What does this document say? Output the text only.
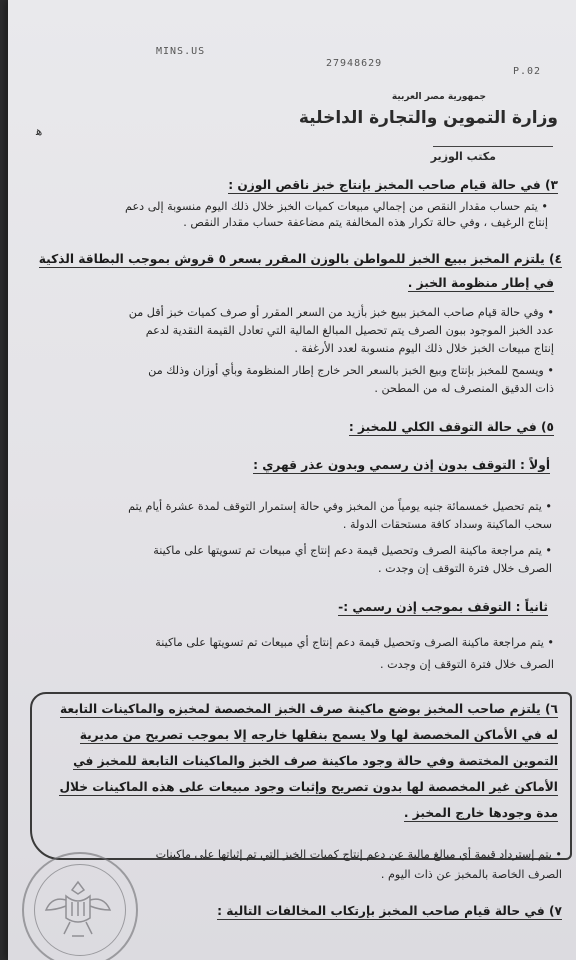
MINS.US
27948629
P.02
جمهورية مصر العربية
وزارة التموين والتجارة الداخلية
مكتب الوزير
ﻫ
٣) في حالة قيام صاحب المخبز بإنتاج خبز ناقص الوزن :
• يتم حساب مقدار النقص من إجمالي مبيعات كميات الخبز خلال ذلك اليوم منسوبة إلى دعم
إنتاج الرغيف ، وفي حالة تكرار هذه المخالفة يتم مضاعفة حساب مقدار النقص .
٤) يلتزم المخبز ببيع الخبز للمواطن بالوزن المقرر بسعر ٥ قروش بموجب البطاقة الذكية
في إطار منظومة الخبز .
• وفي حالة قيام صاحب المخبز ببيع خبز بأزيد من السعر المقرر أو صرف كميات خبز أقل من
عدد الخبز الموجود ببون الصرف يتم تحصيل المبالغ المالية التي تعادل القيمة النقدية لدعم
إنتاج مبيعات الخبز خلال ذلك اليوم منسوبة لعدد الأرغفة .
• ويسمح للمخبز بإنتاج وبيع الخبز بالسعر الحر خارج إطار المنظومة وبأي أوزان وذلك من
ذات الدقيق المنصرف له من المطحن .
٥) في حالة التوقف الكلي للمخبز :
أولاً : التوقف بدون إذن رسمي وبدون عذر قهري :
• يتم تحصيل خمسمائة جنيه يومياً من المخبز وفي حالة إستمرار التوقف لمدة عشرة أيام يتم
سحب الماكينة وسداد كافة مستحقات الدولة .
• يتم مراجعة ماكينة الصرف وتحصيل قيمة دعم إنتاج أي مبيعات تم تسويتها على ماكينة
الصرف خلال فترة التوقف إن وجدت .
ثانياً : التوقف بموجب إذن رسمي :-
• يتم مراجعة ماكينة الصرف وتحصيل قيمة دعم إنتاج أي مبيعات تم تسويتها على ماكينة
الصرف خلال فترة التوقف إن وجدت .
٦) يلتزم صاحب المخبز بوضع ماكينة صرف الخبز المخصصة لمخبزه والماكينات التابعة
له في الأماكن المخصصة لها ولا يسمح بنقلها خارجه إلا بموجب تصريح من مديرية
التموين المختصة وفي حالة وجود ماكينة صرف الخبز والماكينات التابعة للمخبز في
الأماكن غير المخصصة لها بدون تصريح وإثبات وجود مبيعات على هذه الماكينات خلال
مدة وجودها خارج المخبز .
• يتم إسترداد قيمة أي مبالغ مالية عن دعم إنتاج كميات الخبز التي تم إثباتها على ماكينات
الصرف الخاصة بالمخبز عن ذات اليوم .
٧) في حالة قيام صاحب المخبز بإرتكاب المخالفات التالية :
